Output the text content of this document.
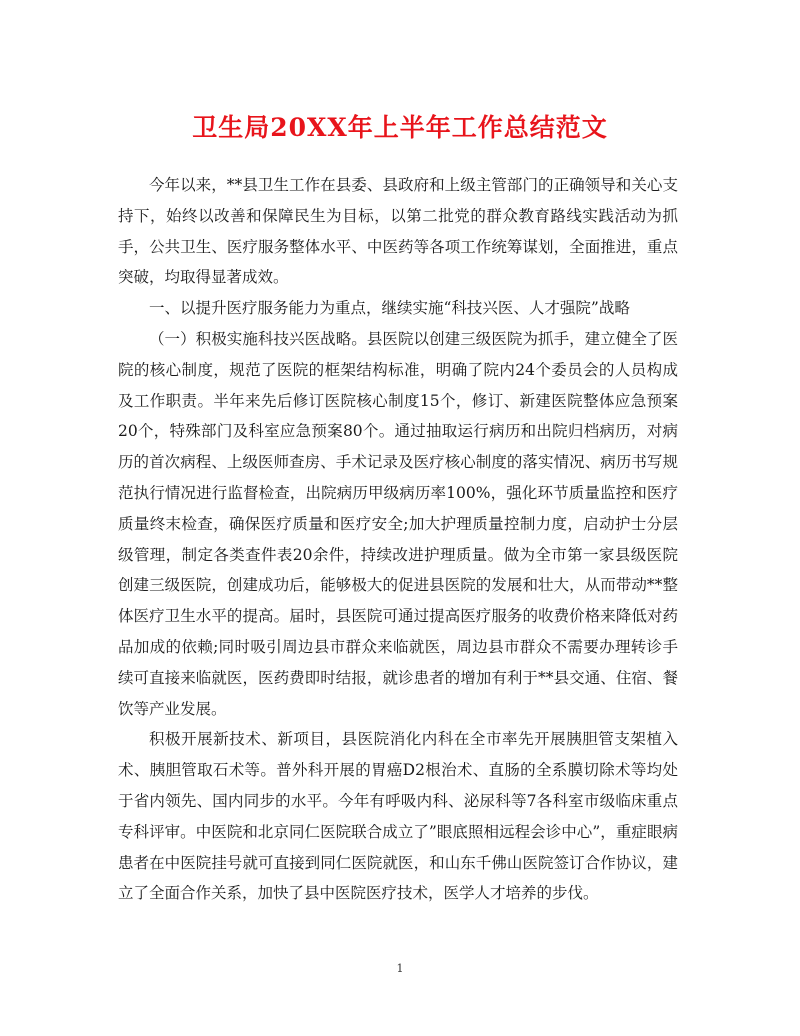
卫生局20XX年上半年工作总结范文

今年以来，**县卫生工作在县委、县政府和上级主管部门的正确领导和关心支持下，始终以改善和保障民生为目标，以第二批党的群众教育路线实践活动为抓手，公共卫生、医疗服务整体水平、中医药等各项工作统筹谋划，全面推进，重点突破，均取得显著成效。

一、以提升医疗服务能力为重点，继续实施“科技兴医、人才强院”战略

（一）积极实施科技兴医战略。县医院以创建三级医院为抓手，建立健全了医院的核心制度，规范了医院的框架结构标准，明确了院内24个委员会的人员构成及工作职责。半年来先后修订医院核心制度15个，修订、新建医院整体应急预案20个，特殊部门及科室应急预案80个。通过抽取运行病历和出院归档病历，对病历的首次病程、上级医师查房、手术记录及医疗核心制度的落实情况、病历书写规范执行情况进行监督检查，出院病历甲级病历率100%，强化环节质量监控和医疗质量终末检查，确保医疗质量和医疗安全;加大护理质量控制力度，启动护士分层级管理，制定各类查件表20余件，持续改进护理质量。做为全市第一家县级医院创建三级医院，创建成功后，能够极大的促进县医院的发展和壮大，从而带动**整体医疗卫生水平的提高。届时，县医院可通过提高医疗服务的收费价格来降低对药品加成的依赖;同时吸引周边县市群众来临就医，周边县市群众不需要办理转诊手续可直接来临就医，医药费即时结报，就诊患者的增加有利于**县交通、住宿、餐饮等产业发展。

积极开展新技术、新项目，县医院消化内科在全市率先开展胰胆管支架植入术、胰胆管取石术等。普外科开展的胃癌D2根治术、直肠的全系膜切除术等均处于省内领先、国内同步的水平。今年有呼吸内科、泌尿科等7各科室市级临床重点专科评审。中医院和北京同仁医院联合成立了”眼底照相远程会诊中心”，重症眼病患者在中医院挂号就可直接到同仁医院就医，和山东千佛山医院签订合作协议，建立了全面合作关系，加快了县中医院医疗技术，医学人才培养的步伐。

1
